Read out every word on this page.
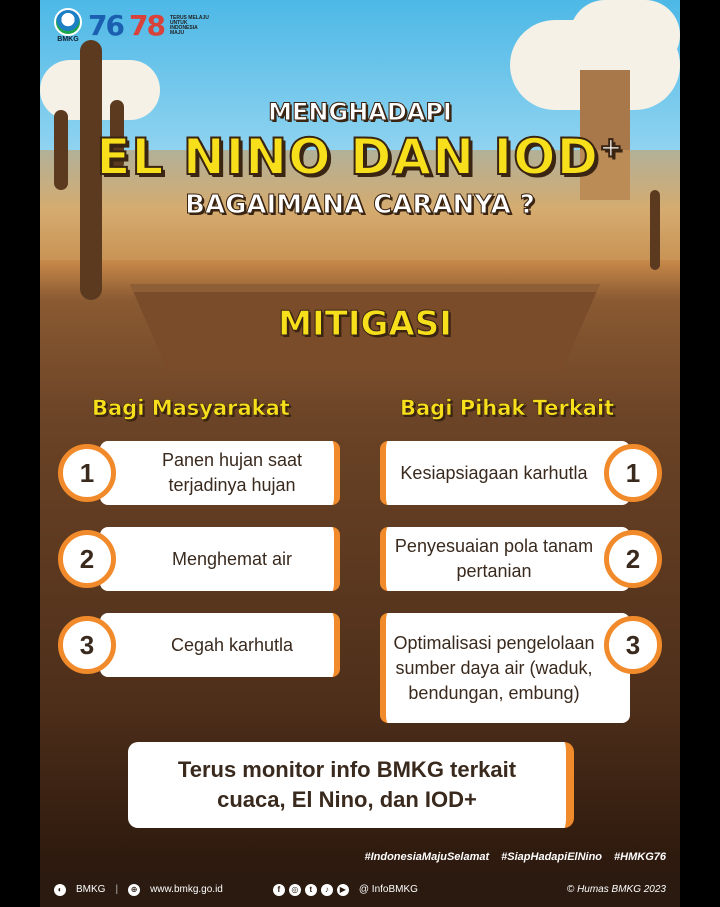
BMKG 76 78 TERUS MELAJU UNTUK INDONESIA MAJU
MENGHADAPI
EL NINO DAN IOD+
BAGAIMANA CARANYA ?
MITIGASI
Bagi Masyarakat	Bagi Pihak Terkait
Panen hujan saat terjadinya hujan
1
Menghemat air
2
Cegah karhutla
3
Kesiapsiagaan karhutla	1
Penyesuaian pola tanam pertanian	2
Optimalisasi pengelolaan sumber daya air (waduk, bendungan, embung)
3
Terus monitor info BMKG terkait cuaca, El Nino, dan IOD+
#IndonesiaMajuSelamat #SiapHadapiElNino #HMKG76
◐	BMKG |	⊕ www.bmkg.go.id	f	◎	t	♪	▶ @ InfoBMKG	© Humas BMKG 2023
